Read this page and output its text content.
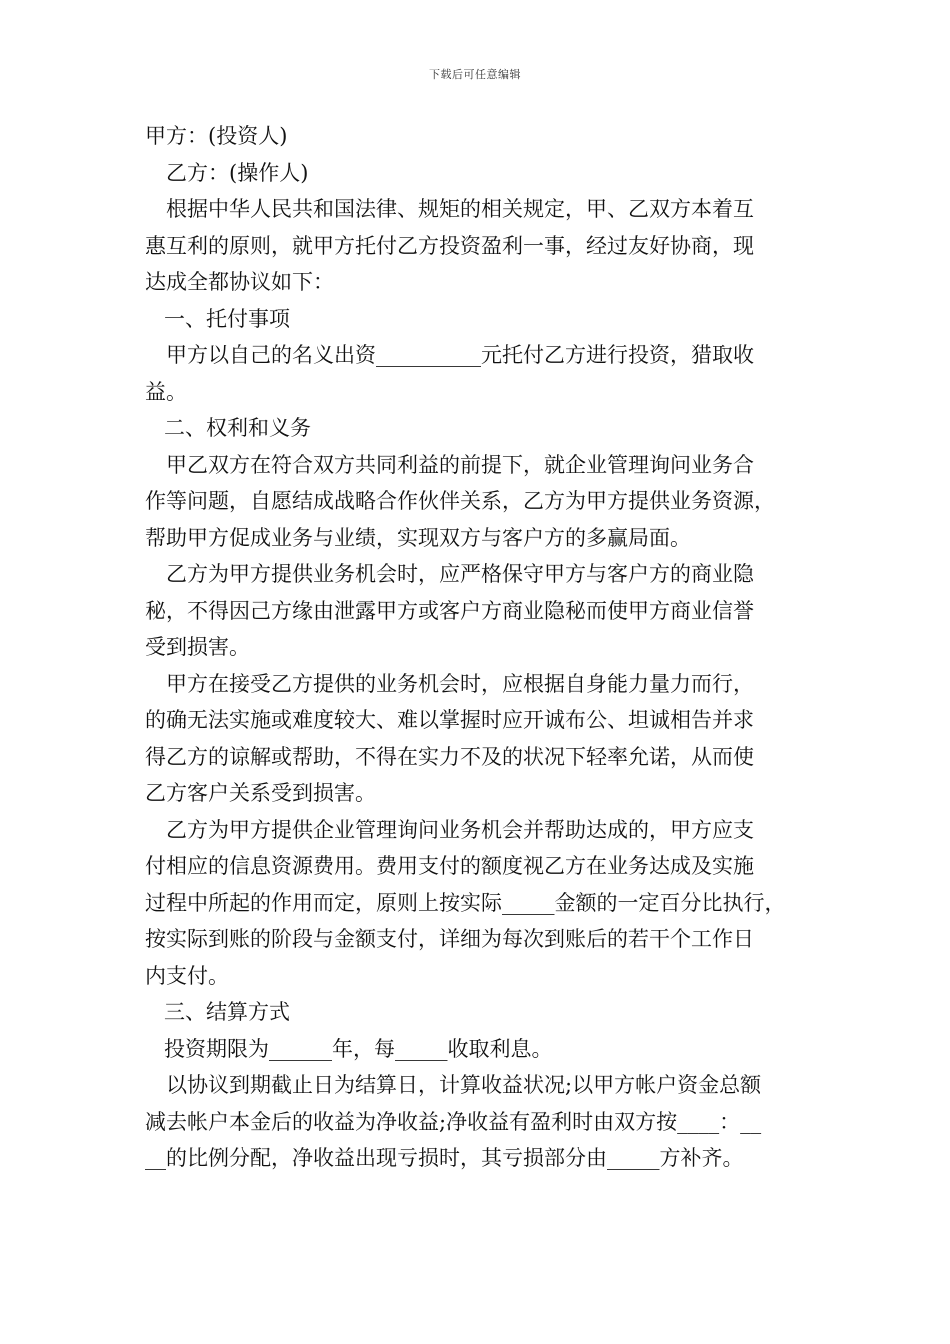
下载后可任意编辑
甲方：(投资人)
乙方：(操作人)
根据中华人民共和国法律、规矩的相关规定，甲、乙双方本着互
惠互利的原则，就甲方托付乙方投资盈利一事，经过友好协商，现
达成全都协议如下：
一、托付事项
甲方以自己的名义出资__________元托付乙方进行投资，猎取收
益。
二、权利和义务
甲乙双方在符合双方共同利益的前提下，就企业管理询问业务合
作等问题，自愿结成战略合作伙伴关系，乙方为甲方提供业务资源，
帮助甲方促成业务与业绩，实现双方与客户方的多赢局面。
乙方为甲方提供业务机会时，应严格保守甲方与客户方的商业隐
秘，不得因己方缘由泄露甲方或客户方商业隐秘而使甲方商业信誉
受到损害。
甲方在接受乙方提供的业务机会时，应根据自身能力量力而行，
的确无法实施或难度较大、难以掌握时应开诚布公、坦诚相告并求
得乙方的谅解或帮助，不得在实力不及的状况下轻率允诺，从而使
乙方客户关系受到损害。
乙方为甲方提供企业管理询问业务机会并帮助达成的，甲方应支
付相应的信息资源费用。费用支付的额度视乙方在业务达成及实施
过程中所起的作用而定，原则上按实际_____金额的一定百分比执行，
按实际到账的阶段与金额支付，详细为每次到账后的若干个工作日
内支付。
三、结算方式
投资期限为______年，每_____收取利息。
以协议到期截止日为结算日，计算收益状况;以甲方帐户资金总额
减去帐户本金后的收益为净收益;净收益有盈利时由双方按____：__
__的比例分配，净收益出现亏损时，其亏损部分由_____方补齐。
